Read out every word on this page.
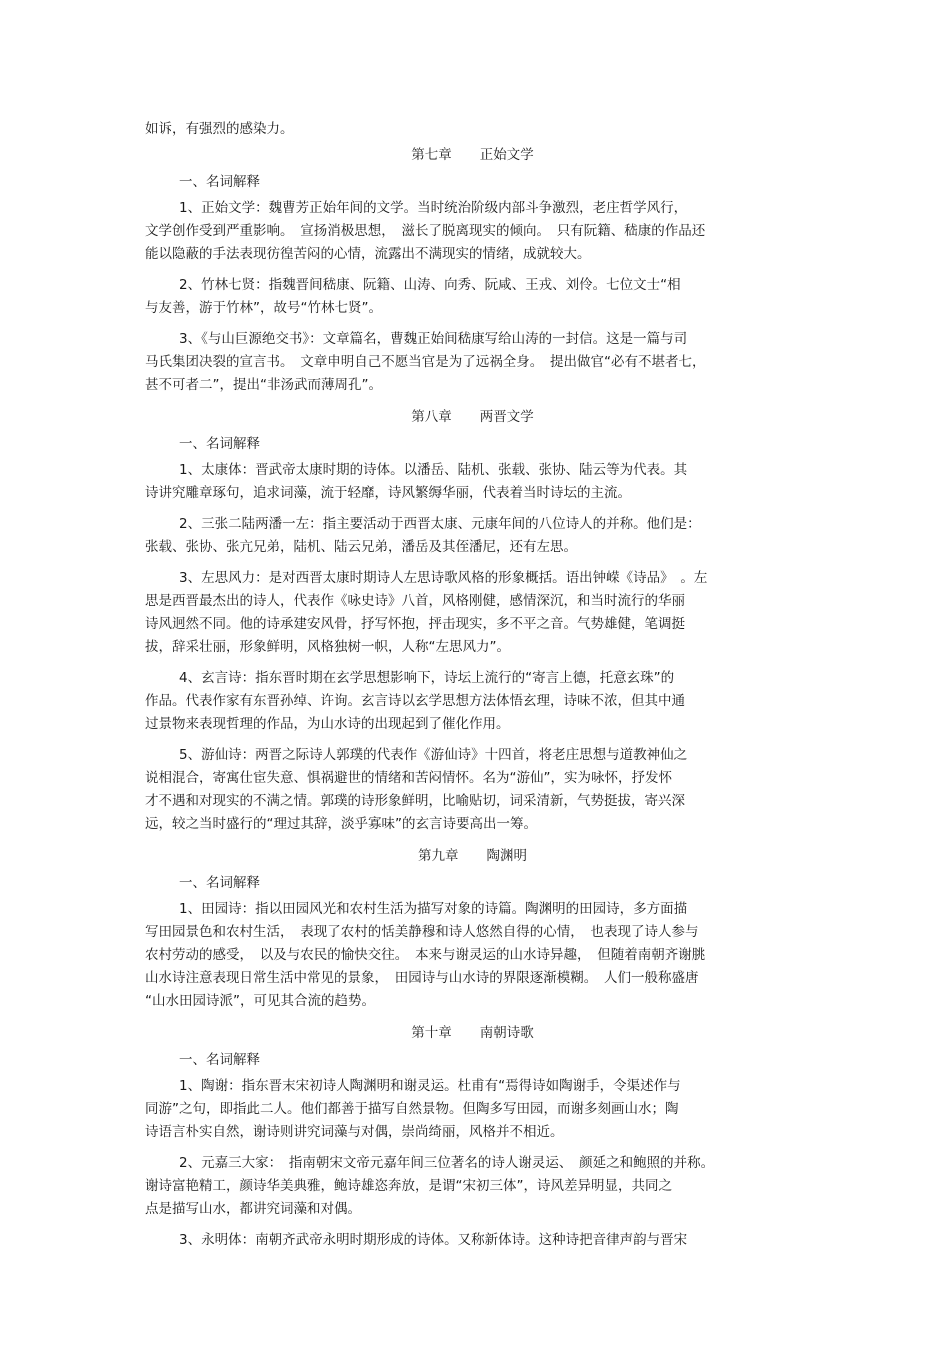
如诉，有强烈的感染力。
第七章 正始文学
一、名词解释
1、正始文学：魏曹芳正始年间的文学。当时统治阶级内部斗争激烈，老庄哲学风行，
文学创作受到严重影响。　宣扬消极思想，　滋长了脱离现实的倾向。　只有阮籍、嵇康的作品还
能以隐蔽的手法表现彷徨苦闷的心情，流露出不满现实的情绪，成就较大。
2、竹林七贤：指魏晋间嵇康、阮籍、山涛、向秀、阮咸、王戎、刘伶。七位文士“相
与友善，游于竹林”，故号“竹林七贤”。
3、《与山巨源绝交书》：文章篇名，曹魏正始间嵇康写给山涛的一封信。这是一篇与司
马氏集团决裂的宣言书。　文章申明自己不愿当官是为了远祸全身。　提出做官“必有不堪者七，
甚不可者二”，提出“非汤武而薄周孔”。
第八章 两晋文学
一、名词解释
1、太康体：晋武帝太康时期的诗体。以潘岳、陆机、张载、张协、陆云等为代表。其
诗讲究雕章琢句，追求词藻，流于轻靡，诗风繁缛华丽，代表着当时诗坛的主流。
2、三张二陆两潘一左：指主要活动于西晋太康、元康年间的八位诗人的并称。他们是：
张载、张协、张亢兄弟，陆机、陆云兄弟，潘岳及其侄潘尼，还有左思。
3、左思风力：是对西晋太康时期诗人左思诗歌风格的形象概括。语出钟嵘《诗品》　。左
思是西晋最杰出的诗人，代表作《咏史诗》八首，风格刚健，感情深沉，和当时流行的华丽
诗风迥然不同。他的诗承建安风骨，抒写怀抱，抨击现实，多不平之音。气势雄健，笔调挺
拔，辞采壮丽，形象鲜明，风格独树一帜，人称“左思风力”。
4、玄言诗：指东晋时期在玄学思想影响下，诗坛上流行的“寄言上德，托意玄珠”的
作品。代表作家有东晋孙绰、许询。玄言诗以玄学思想方法体悟玄理，诗味不浓，但其中通
过景物来表现哲理的作品，为山水诗的出现起到了催化作用。
5、游仙诗：两晋之际诗人郭璞的代表作《游仙诗》十四首，将老庄思想与道教神仙之
说相混合，寄寓仕宦失意、惧祸避世的情绪和苦闷情怀。名为“游仙”，实为咏怀，抒发怀
才不遇和对现实的不满之情。郭璞的诗形象鲜明，比喻贴切，词采清新，气势挺拔，寄兴深
远，较之当时盛行的“理过其辞，淡乎寡味”的玄言诗要高出一筹。
第九章 陶渊明
一、名词解释
1、田园诗：指以田园风光和农村生活为描写对象的诗篇。陶渊明的田园诗，多方面描
写田园景色和农村生活，　表现了农村的恬美静穆和诗人悠然自得的心情，　也表现了诗人参与
农村劳动的感受，　以及与农民的愉快交往。　本来与谢灵运的山水诗异趣，　但随着南朝齐谢朓
山水诗注意表现日常生活中常见的景象，　田园诗与山水诗的界限逐渐模糊。　人们一般称盛唐
“山水田园诗派”，可见其合流的趋势。
第十章 南朝诗歌
一、名词解释
1、陶谢：指东晋末宋初诗人陶渊明和谢灵运。杜甫有“焉得诗如陶谢手，令渠述作与
同游”之句，即指此二人。他们都善于描写自然景物。但陶多写田园，而谢多刻画山水；陶
诗语言朴实自然，谢诗则讲究词藻与对偶，崇尚绮丽，风格并不相近。
2、元嘉三大家：　指南朝宋文帝元嘉年间三位著名的诗人谢灵运、　颜延之和鲍照的并称。
谢诗富艳精工，颜诗华美典雅，鲍诗雄恣奔放，是谓“宋初三体”，诗风差异明显，共同之
点是描写山水，都讲究词藻和对偶。
3、永明体：南朝齐武帝永明时期形成的诗体。又称新体诗。这种诗把音律声韵与晋宋
